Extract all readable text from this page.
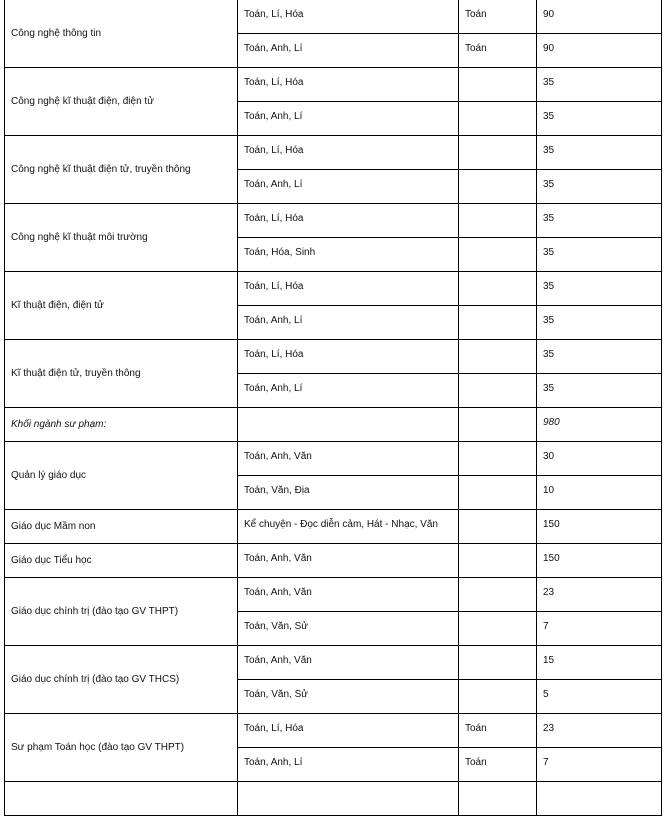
Công nghệ thông tin	Toán, Lí, Hóa	Toán	90

	Toán, Anh, Lí	Toán	90

Công nghệ kĩ thuật điện, điện tử	Toán, Lí, Hóa		35

	Toán, Anh, Lí		35

Công nghệ kĩ thuật điện tử, truyền thông	Toán, Lí, Hóa		35

	Toán, Anh, Lí		35

Công nghệ kĩ thuật môi trường	Toán, Lí, Hóa		35

	Toán, Hóa, Sinh		35

Kĩ thuật điện, điện tử	Toán, Lí, Hóa		35

	Toán, Anh, Lí		35

Kĩ thuật điện tử, truyền thông	Toán, Lí, Hóa		35

	Toán, Anh, Lí		35

Khối ngành sư phạm:			980

Quản lý giáo dục	Toán, Anh, Văn		30

	Toán, Văn, Địa		10

Giáo dục Mầm non	Kể chuyện - Đọc diễn cảm, Hát - Nhạc, Văn		150

Giáo dục Tiểu học	Toán, Anh, Văn		150

Giáo dục chính trị (đào tạo GV THPT)	Toán, Anh, Văn		23

	Toán, Văn, Sử		7

Giáo dục chính trị (đào tạo GV THCS)	Toán, Anh, Văn		15

	Toán, Văn, Sử		5

Sư phạm Toán học (đào tạo GV THPT)	Toán, Lí, Hóa	Toán	23

	Toán, Anh, Lí	Toán	7
